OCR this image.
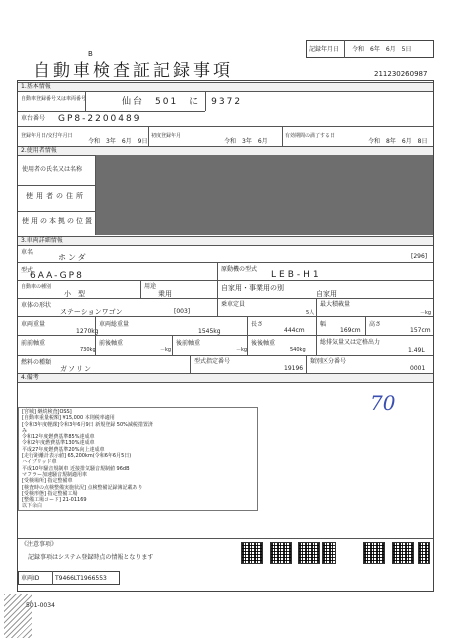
B
自動車検査証記録事項
記録年月日 令和　6年　6月　5日
211230260987
1.基本情報
自動車登録番号又は車両番号	仙台　501　に　9372
車台番号 GP8-2200489
登録年月日/交付年月日
令和　3年　6月　9日
初度登録年月
令和　3年　6月
有効期間の満了する日
令和　8年　6月　8日
2.使用者情報
使用者の氏名又は名称
使用者の住所
使用の本拠の位置
3.車両詳細情報
車名
ホンダ	[296]
型式
6AA-GP8
原動機の型式
LEB-H1
自動車の種別
小　型
用途
乗用
自家用・事業用の別
自家用
車体の形状
ステーションワゴン	[003]
乗車定員
5人
最大積載量
－kg
車両重量
1270kg
車両総重量
1545kg
長さ
444cm
幅
169cm
高さ
157cm
前前軸重
730kg
前後軸重
－kg
後前軸重
－kg
後後軸重
540kg
総排気量又は定格出力
1.49L
燃料の種類
ガソリン
型式指定番号
19196
類別区分番号
0001
4.備考
70
[宮城] 継続検査[OSS]
[自動車重量税額] ¥15,000 本則税率適用
[令和3年度軽課]令和3年6月9日 新規登録 50%減税措置済
み
令和12年度燃費基準85%達成車
令和2年度燃費基準130%達成車
平成27年度燃費基準20%向上達成車
[走行距離計表示値] 65,200km(令和6年6月5日)
ハイブリッド車
平成10年騒音規制車 近接排気騒音規制値 96dB
マフラー加速騒音規制適用車
[受検場所] 指定整備車
[検査時の点検整備実施状況] 点検整備記録簿記載あり
[受検形態] 指定整備工場
[整備工場コード] 21-01169
以下余白
《注意事項》
記録事項はシステム登録時点の情報となります
車両ID	T9466LT1966553
501-0034
